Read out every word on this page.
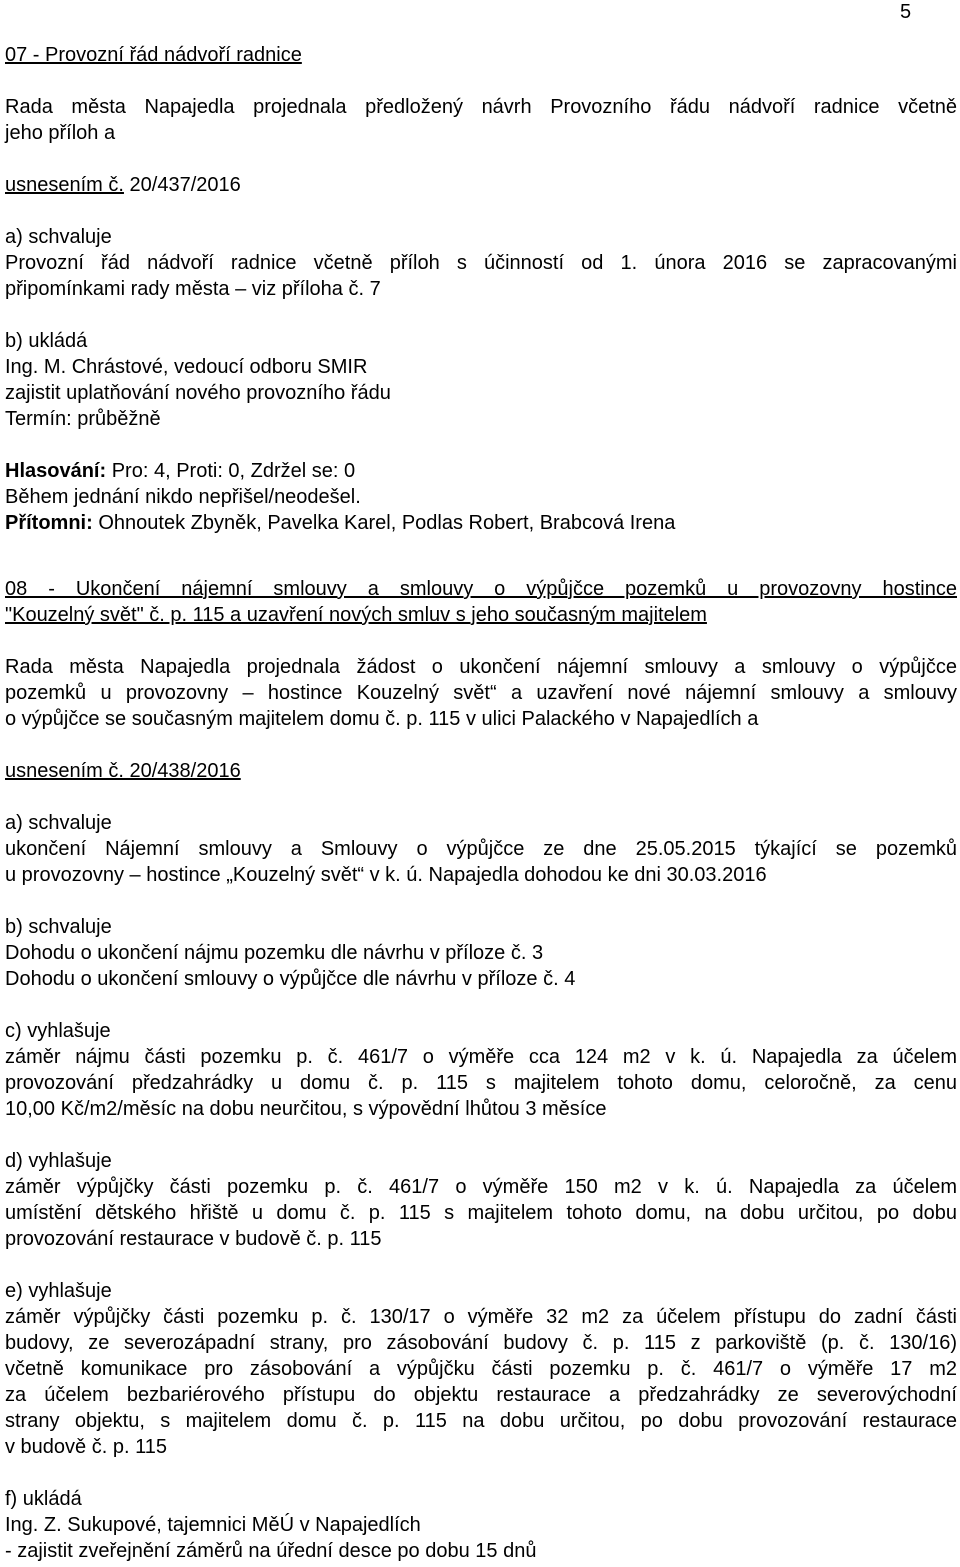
5

07 - Provozní řád nádvoří radnice

Rada města Napajedla projednala předložený návrh Provozního řádu nádvoří radnice včetně

jeho příloh a

usnesením č. 20/437/2016

a) schvaluje

Provozní řád nádvoří radnice včetně příloh s účinností od 1. února 2016 se zapracovanými

připomínkami rady města – viz příloha č. 7

b) ukládá

Ing. M. Chrástové, vedoucí odboru SMIR

zajistit uplatňování nového provozního řádu

Termín: průběžně

Hlasování: Pro: 4, Proti: 0, Zdržel se: 0

Během jednání nikdo nepřišel/neodešel.

Přítomni: Ohnoutek Zbyněk, Pavelka Karel, Podlas Robert, Brabcová Irena

08 - Ukončení nájemní smlouvy a smlouvy o výpůjčce pozemků u provozovny hostince

"Kouzelný svět" č. p. 115 a uzavření nových smluv s jeho současným majitelem

Rada města Napajedla projednala žádost o ukončení nájemní smlouvy a smlouvy o výpůjčce

pozemků u provozovny – hostince Kouzelný svět“ a uzavření nové nájemní smlouvy a smlouvy

o výpůjčce se současným majitelem domu č. p. 115 v ulici Palackého v Napajedlích a

usnesením č. 20/438/2016

a) schvaluje

ukončení Nájemní smlouvy a Smlouvy o výpůjčce ze dne 25.05.2015 týkající se pozemků

u provozovny – hostince „Kouzelný svět“ v k. ú. Napajedla dohodou ke dni 30.03.2016

b) schvaluje

Dohodu o ukončení nájmu pozemku dle návrhu v příloze č. 3

Dohodu o ukončení smlouvy o výpůjčce dle návrhu v příloze č. 4

c) vyhlašuje

záměr nájmu části pozemku p. č. 461/7 o výměře cca 124 m2 v k. ú. Napajedla za účelem

provozování předzahrádky u domu č. p. 115 s majitelem tohoto domu, celoročně, za cenu

10,00 Kč/m2/měsíc na dobu neurčitou, s výpovědní lhůtou 3 měsíce

d) vyhlašuje

záměr výpůjčky části pozemku p. č. 461/7 o výměře 150 m2 v k. ú. Napajedla za účelem

umístění dětského hřiště u domu č. p. 115 s majitelem tohoto domu, na dobu určitou, po dobu

provozování restaurace v budově č. p. 115

e) vyhlašuje

záměr výpůjčky části pozemku p. č. 130/17 o výměře 32 m2 za účelem přístupu do zadní části

budovy, ze severozápadní strany, pro zásobování budovy č. p. 115 z parkoviště (p. č. 130/16)

včetně komunikace pro zásobování a výpůjčku části pozemku p. č. 461/7 o výměře 17 m2

za účelem bezbariérového přístupu do objektu restaurace a předzahrádky ze severovýchodní

strany objektu, s majitelem domu č. p. 115 na dobu určitou, po dobu provozování restaurace

v budově č. p. 115

f) ukládá

Ing. Z. Sukupové, tajemnici MěÚ v Napajedlích

- zajistit zveřejnění záměrů na úřední desce po dobu 15 dnů
